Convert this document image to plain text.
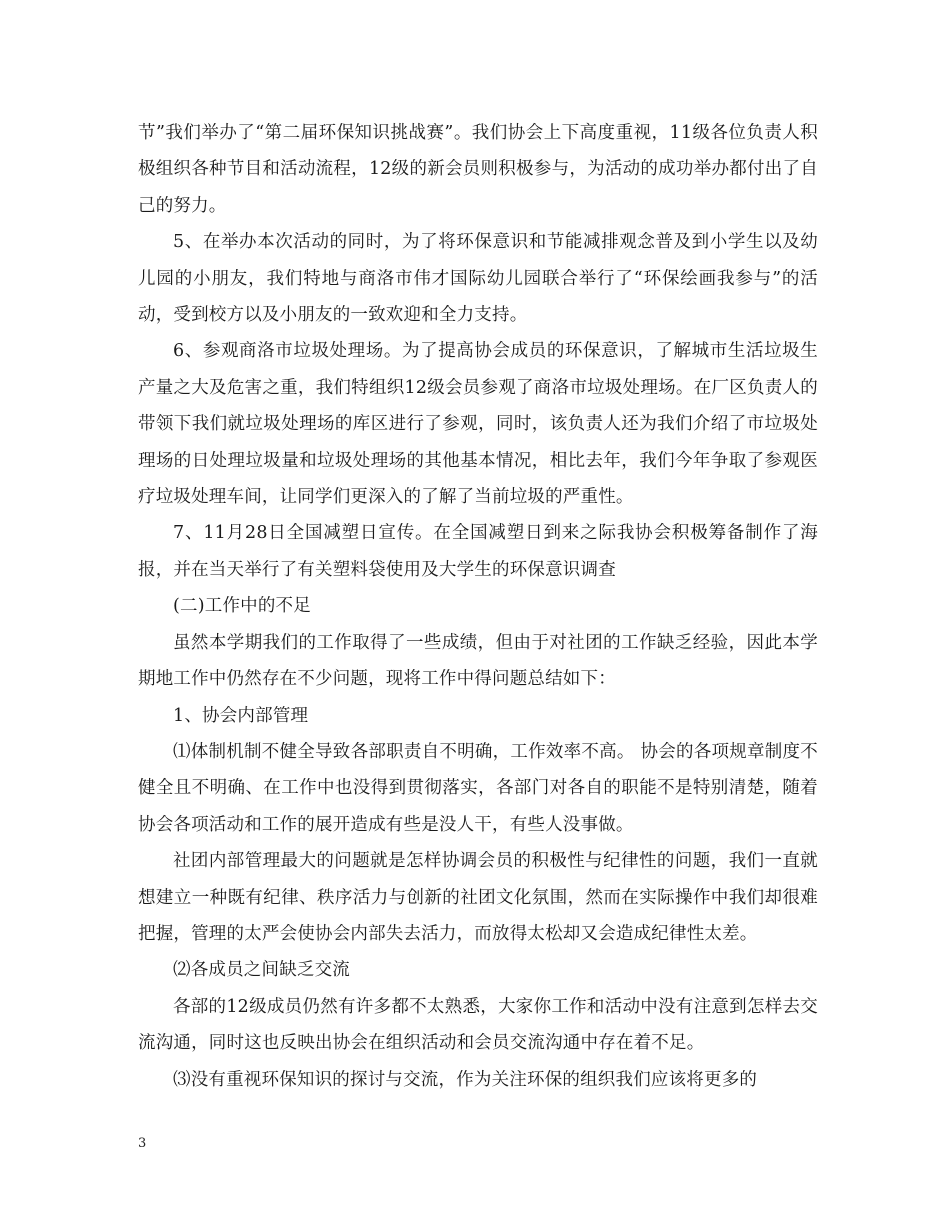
节”我们举办了“第二届环保知识挑战赛”。我们协会上下高度重视，11级各位负责人积极组织各种节目和活动流程，12级的新会员则积极参与，为活动的成功举办都付出了自己的努力。

5、在举办本次活动的同时，为了将环保意识和节能减排观念普及到小学生以及幼儿园的小朋友，我们特地与商洛市伟才国际幼儿园联合举行了“环保绘画我参与”的活动，受到校方以及小朋友的一致欢迎和全力支持。

6、参观商洛市垃圾处理场。为了提高协会成员的环保意识，了解城市生活垃圾生产量之大及危害之重，我们特组织12级会员参观了商洛市垃圾处理场。在厂区负责人的带领下我们就垃圾处理场的库区进行了参观，同时，该负责人还为我们介绍了市垃圾处理场的日处理垃圾量和垃圾处理场的其他基本情况，相比去年，我们今年争取了参观医疗垃圾处理车间，让同学们更深入的了解了当前垃圾的严重性。

7、11月28日全国减塑日宣传。在全国减塑日到来之际我协会积极筹备制作了海报，并在当天举行了有关塑料袋使用及大学生的环保意识调查

(二)工作中的不足

虽然本学期我们的工作取得了一些成绩，但由于对社团的工作缺乏经验，因此本学期地工作中仍然存在不少问题，现将工作中得问题总结如下：

1、协会内部管理

⑴体制机制不健全导致各部职责自不明确，工作效率不高。 协会的各项规章制度不健全且不明确、在工作中也没得到贯彻落实，各部门对各自的职能不是特别清楚，随着协会各项活动和工作的展开造成有些是没人干，有些人没事做。

社团内部管理最大的问题就是怎样协调会员的积极性与纪律性的问题，我们一直就想建立一种既有纪律、秩序活力与创新的社团文化氛围，然而在实际操作中我们却很难把握，管理的太严会使协会内部失去活力，而放得太松却又会造成纪律性太差。

⑵各成员之间缺乏交流

各部的12级成员仍然有许多都不太熟悉，大家你工作和活动中没有注意到怎样去交流沟通，同时这也反映出协会在组织活动和会员交流沟通中存在着不足。

⑶没有重视环保知识的探讨与交流，作为关注环保的组织我们应该将更多的

3
